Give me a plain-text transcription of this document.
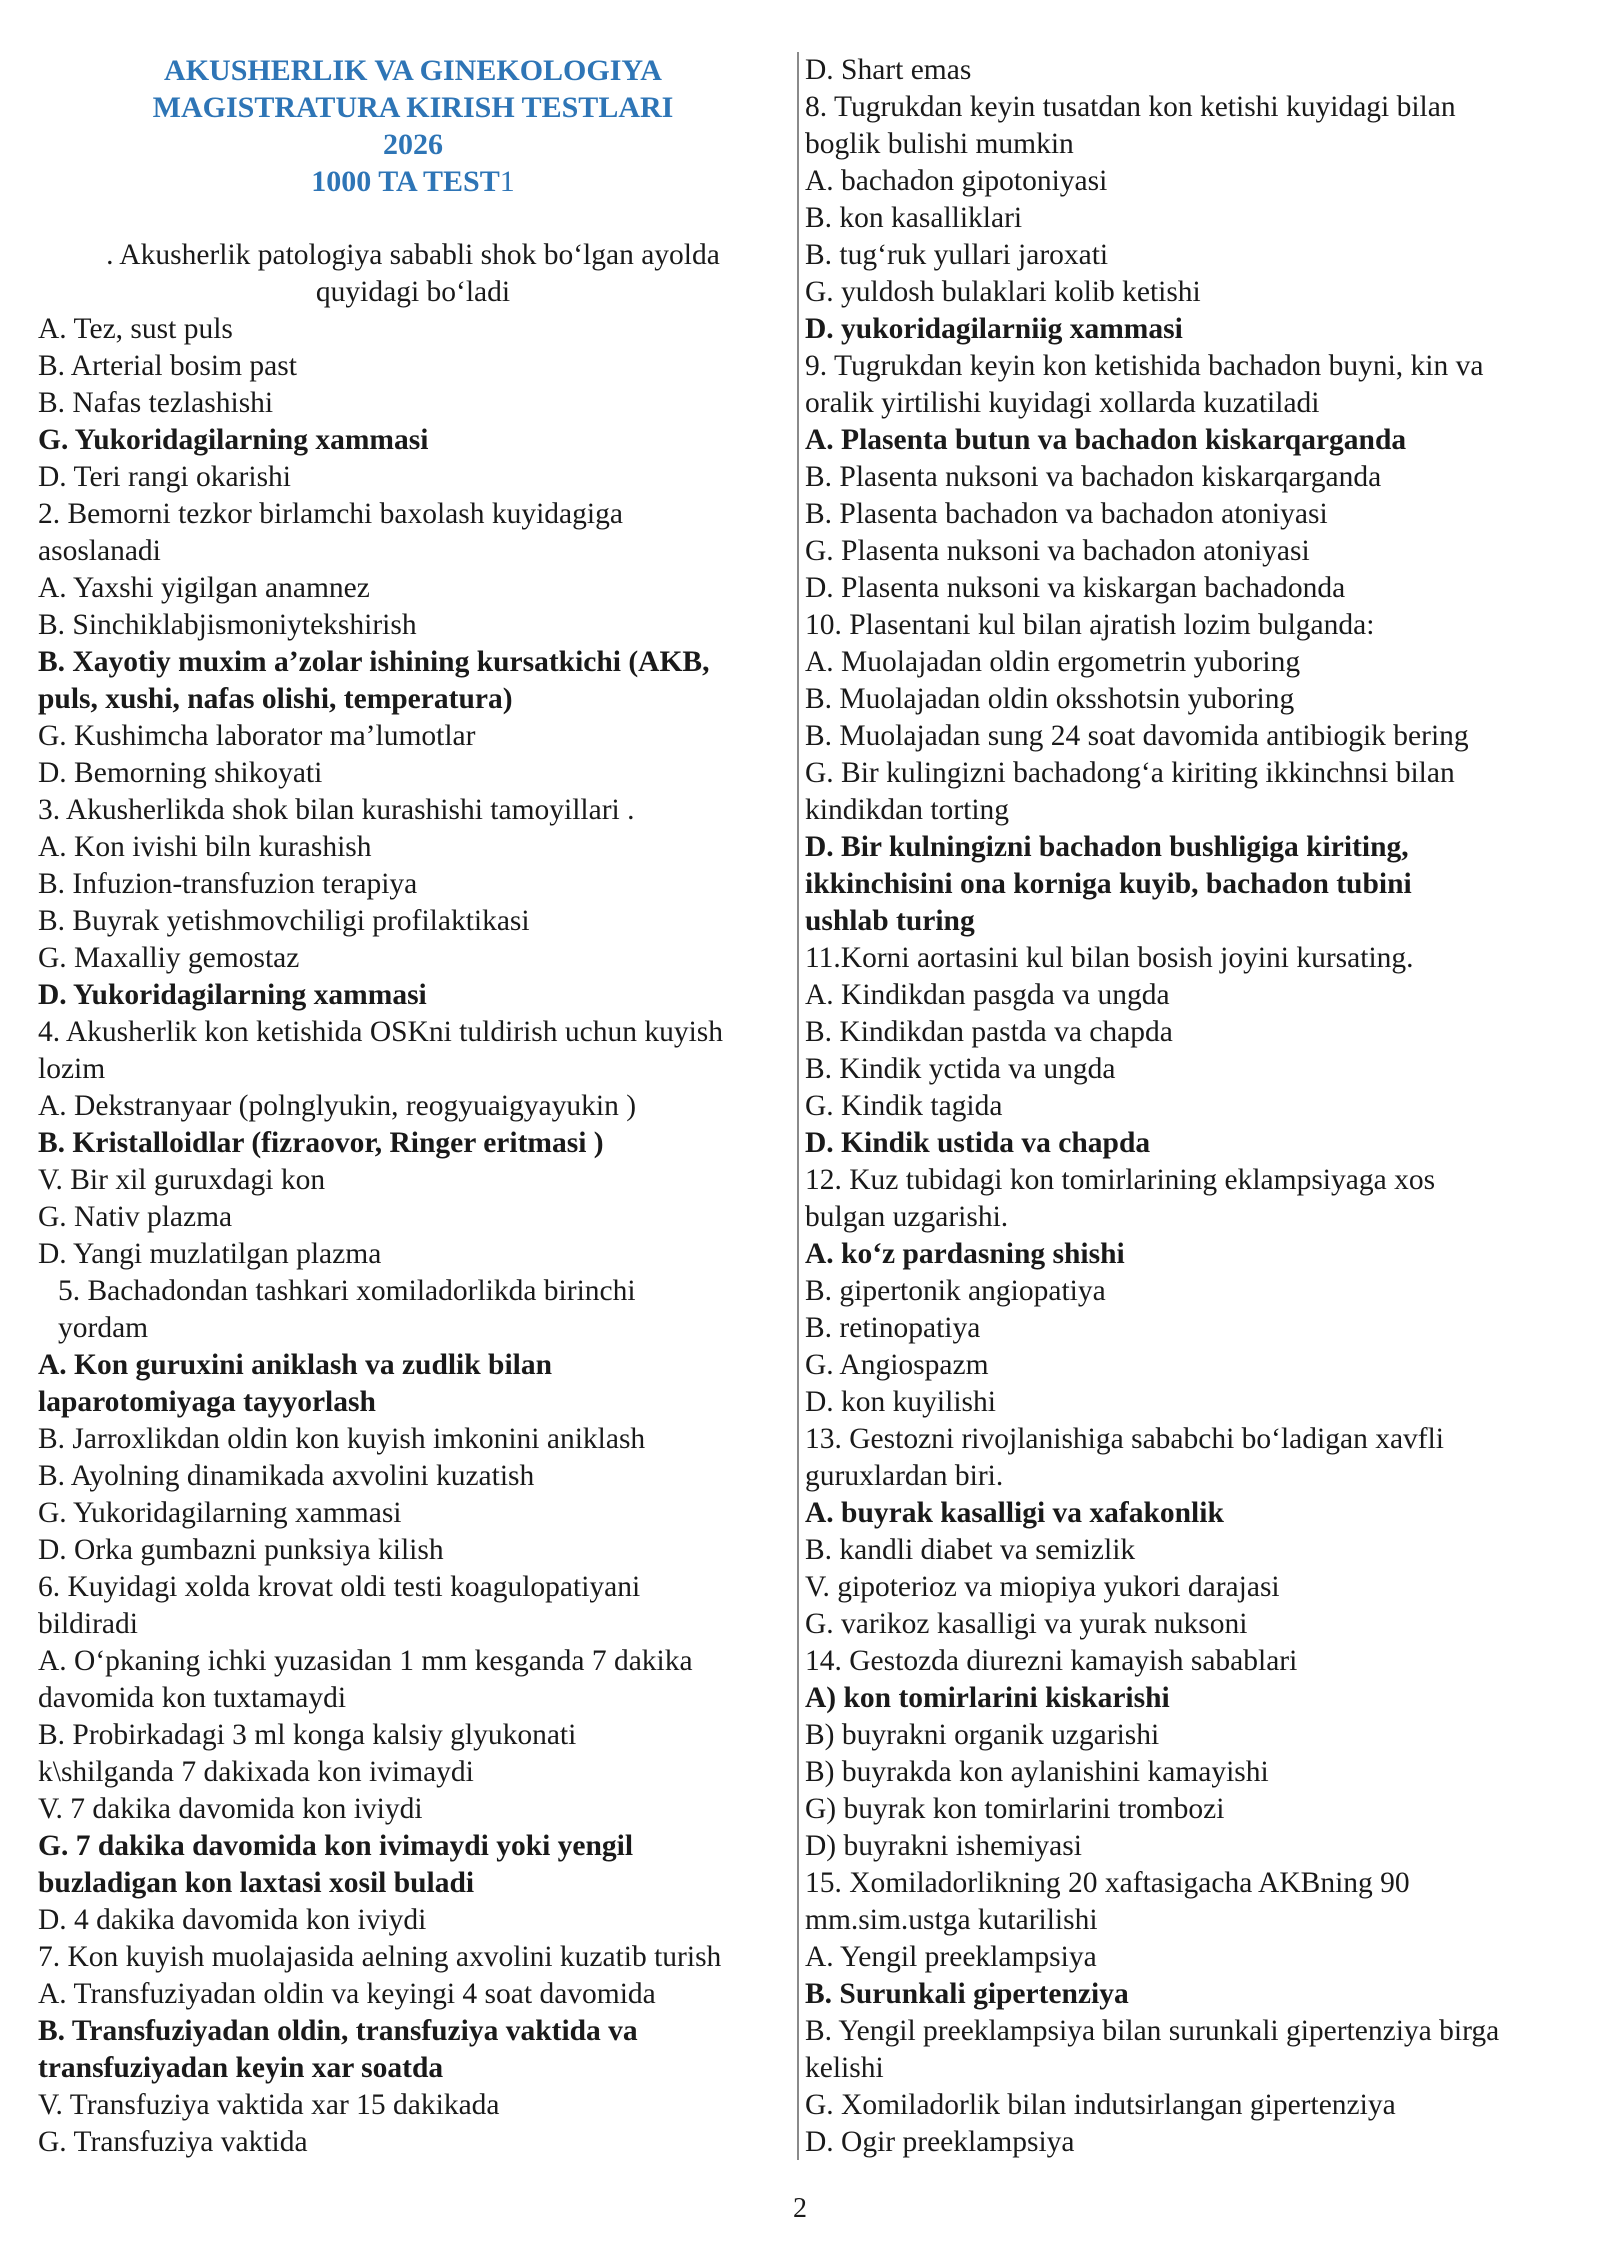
AKUSHERLIK VA GINEKOLOGIYA
MAGISTRATURA KIRISH TESTLARI
2026
1000 TA TEST1
. Akusherlik patologiya sababli shok bo‘lgan ayolda
quyidagi bo‘ladi
A. Tez, sust puls
B. Arterial bosim past
B. Nafas tezlashishi
G. Yukoridagilarning xammasi
D. Teri rangi okarishi
2. Bemorni tezkor birlamchi baxolash kuyidagiga
asoslanadi
A. Yaxshi yigilgan anamnez
B. Sinchiklabjismoniytekshirish
B. Xayotiy muxim a’zolar ishining kursatkichi (AKB,
puls, xushi, nafas olishi, temperatura)
G. Kushimcha laborator ma’lumotlar
D. Bemorning shikoyati
3. Akusherlikda shok bilan kurashishi tamoyillari .
A. Kon ivishi biln kurashish
B. Infuzion-transfuzion terapiya
B. Buyrak yetishmovchiligi profilaktikasi
G. Maxalliy gemostaz
D. Yukoridagilarning xammasi
4. Akusherlik kon ketishida OSKni tuldirish uchun kuyish
lozim
A. Dekstranyaar (polnglyukin, reogyuaigyayukin )
B. Kristalloidlar (fizraovor, Ringer eritmasi )
V. Bir xil guruxdagi kon
G. Nativ plazma
D. Yangi muzlatilgan plazma
5. Bachadondan tashkari xomiladorlikda birinchi
yordam
A. Kon guruxini aniklash va zudlik bilan
laparotomiyaga tayyorlash
B. Jarroxlikdan oldin kon kuyish imkonini aniklash
B. Ayolning dinamikada axvolini kuzatish
G. Yukoridagilarning xammasi
D. Orka gumbazni punksiya kilish
6. Kuyidagi xolda krovat oldi testi koagulopatiyani
bildiradi
A. O‘pkaning ichki yuzasidan 1 mm kesganda 7 dakika
davomida kon tuxtamaydi
B. Probirkadagi 3 ml konga kalsiy glyukonati
k\shilganda 7 dakixada kon ivimaydi
V. 7 dakika davomida kon iviydi
G. 7 dakika davomida kon ivimaydi yoki yengil
buzladigan kon laxtasi xosil buladi
D. 4 dakika davomida kon iviydi
7. Kon kuyish muolajasida aelning axvolini kuzatib turish
A. Transfuziyadan oldin va keyingi 4 soat davomida
B. Transfuziyadan oldin, transfuziya vaktida va
transfuziyadan keyin xar soatda
V. Transfuziya vaktida xar 15 dakikada
G. Transfuziya vaktida
D. Shart emas
8. Tugrukdan keyin tusatdan kon ketishi kuyidagi bilan
boglik bulishi mumkin
A. bachadon gipotoniyasi
B. kon kasalliklari
B. tug‘ruk yullari jaroxati
G. yuldosh bulaklari kolib ketishi
D. yukoridagilarniig xammasi
9. Tugrukdan keyin kon ketishida bachadon buyni, kin va
oralik yirtilishi kuyidagi xollarda kuzatiladi
A. Plasenta butun va bachadon kiskarqarganda
B. Plasenta nuksoni va bachadon kiskarqarganda
B. Plasenta bachadon va bachadon atoniyasi
G. Plasenta nuksoni va bachadon atoniyasi
D. Plasenta nuksoni va kiskargan bachadonda
10. Plasentani kul bilan ajratish lozim bulganda:
A. Muolajadan oldin ergometrin yuboring
B. Muolajadan oldin oksshotsin yuboring
B. Muolajadan sung 24 soat davomida antibiogik bering
G. Bir kulingizni bachadong‘a kiriting ikkinchnsi bilan
kindikdan torting
D. Bir kulningizni bachadon bushligiga kiriting,
ikkinchisini ona korniga kuyib, bachadon tubini
ushlab turing
11.Korni aortasini kul bilan bosish joyini kursating.
A. Kindikdan pasgda va ungda
B. Kindikdan pastda va chapda
B. Kindik yctida va ungda
G. Kindik tagida
D. Kindik ustida va chapda
12. Kuz tubidagi kon tomirlarining eklampsiyaga xos
bulgan uzgarishi.
A. ko‘z pardasning shishi
B. gipertonik angiopatiya
B. retinopatiya
G. Angiospazm
D. kon kuyilishi
13. Gestozni rivojlanishiga sababchi bo‘ladigan xavfli
guruxlardan biri.
A. buyrak kasalligi va xafakonlik
B. kandli diabet va semizlik
V. gipoterioz va miopiya yukori darajasi
G. varikoz kasalligi va yurak nuksoni
14. Gestozda diurezni kamayish sabablari
A) kon tomirlarini kiskarishi
B) buyrakni organik uzgarishi
B) buyrakda kon aylanishini kamayishi
G) buyrak kon tomirlarini trombozi
D) buyrakni ishemiyasi
15. Xomiladorlikning 20 xaftasigacha AKBning 90
mm.sim.ustga kutarilishi
A. Yengil preeklampsiya
B. Surunkali gipertenziya
B. Yengil preeklampsiya bilan surunkali gipertenziya birga
kelishi
G. Xomiladorlik bilan indutsirlangan gipertenziya
D. Ogir preeklampsiya
2
